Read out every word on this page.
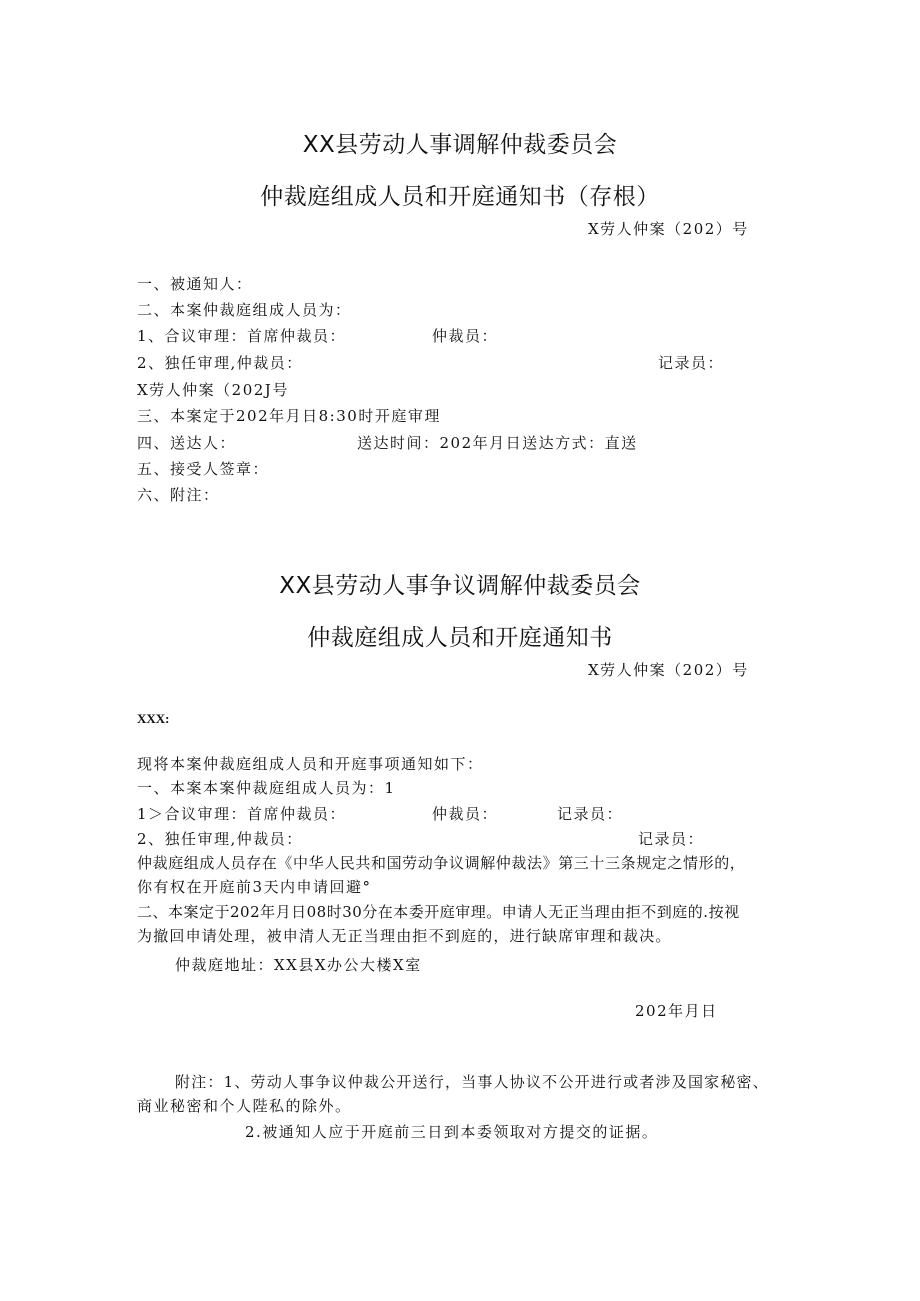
XX县劳动人事调解仲裁委员会
仲裁庭组成人员和开庭通知书（存根）
X劳人仲案（202）号
一、被通知人：
二、本案仲裁庭组成人员为：
1、合议审理：首席仲裁员：	仲裁员：
2、独任审理,仲裁员：	记录员：
X劳人仲案（202J号
三、本案定于202年月日8:30时开庭审理
四、送达人：	送达时间：202年月日送达方式：直送
五、接受人签章：
六、附注：
XX县劳动人事争议调解仲裁委员会
仲裁庭组成人员和开庭通知书
X劳人仲案（202）号
XXX:
现将本案仲裁庭组成人员和开庭事项通知如下：
一、本案本案仲裁庭组成人员为：1
1＞合议审理：首席仲裁员：	仲裁员：	记录员：
2、独任审理,仲裁员：	记录员：
仲裁庭组成人员存在《中华人民共和国劳动争议调解仲裁法》第三十三条规定之情形的，
你有权在开庭前3天内申请回避°
二、本案定于202年月日08时30分在本委开庭审理。申请人无正当理由拒不到庭的.按视
为撤回申请处理，被申清人无正当理由拒不到庭的，进行缺席审理和裁决。
仲裁庭地址：XX县X办公大楼X室
202年月日
附注：1、劳动人事争议仲裁公开送行，当事人协议不公开进行或者涉及国家秘密、
商业秘密和个人陛私的除外。
2.被通知人应于开庭前三日到本委领取对方提交的证据。
